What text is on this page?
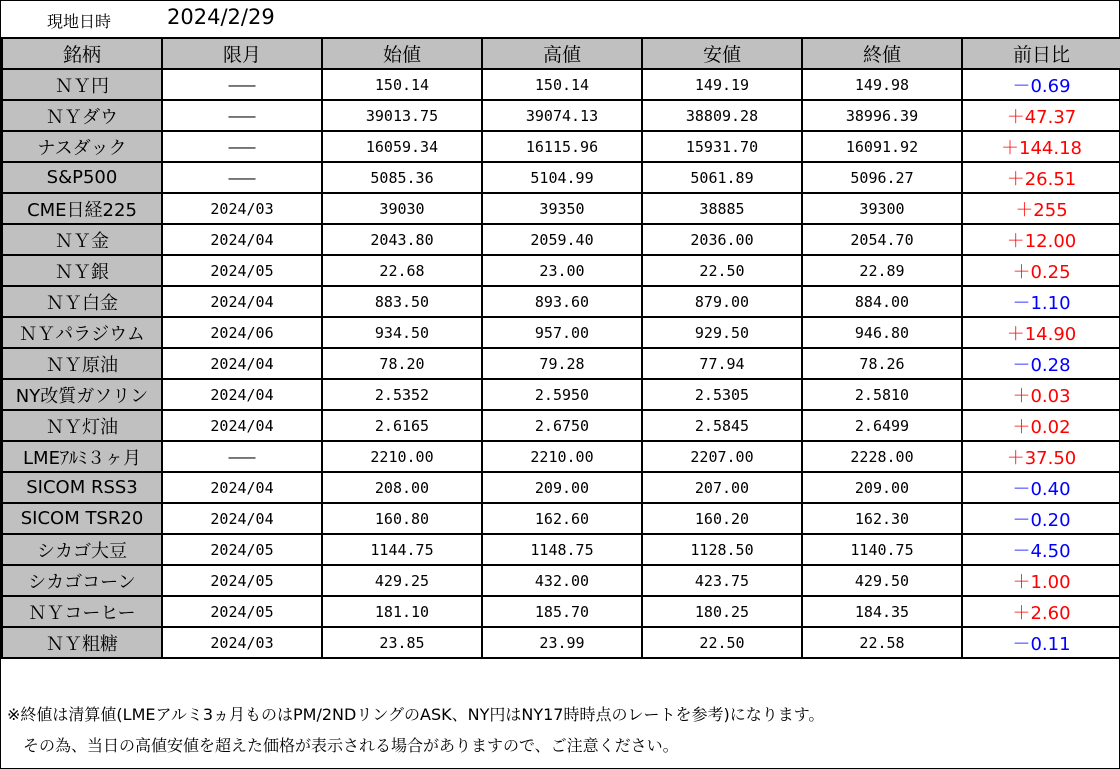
現地日時	2024/2/29
銘柄	限月	始値	高値	安値	終値	前日比
ＮＹ円	———	150.14	150.14	149.19	149.98	－0.69
ＮＹダウ	———	39013.75	39074.13	38809.28	38996.39	＋47.37
ナスダック	———	16059.34	16115.96	15931.70	16091.92	＋144.18
S&P500	———	5085.36	5104.99	5061.89	5096.27	＋26.51
CME日経225	2024/03	39030	39350	38885	39300	＋255
ＮＹ金	2024/04	2043.80	2059.40	2036.00	2054.70	＋12.00
ＮＹ銀	2024/05	22.68	23.00	22.50	22.89	＋0.25
ＮＹ白金	2024/04	883.50	893.60	879.00	884.00	－1.10
ＮＹパラジウム	2024/06	934.50	957.00	929.50	946.80	＋14.90
ＮＹ原油	2024/04	78.20	79.28	77.94	78.26	－0.28
NY改質ガソリン	2024/04	2.5352	2.5950	2.5305	2.5810	＋0.03
ＮＹ灯油	2024/04	2.6165	2.6750	2.5845	2.6499	＋0.02
LMEｱﾙﾐ３ヶ月	———	2210.00	2210.00	2207.00	2228.00	＋37.50
SICOM RSS3	2024/04	208.00	209.00	207.00	209.00	－0.40
SICOM TSR20	2024/04	160.80	162.60	160.20	162.30	－0.20
シカゴ大豆	2024/05	1144.75	1148.75	1128.50	1140.75	－4.50
シカゴコーン	2024/05	429.25	432.00	423.75	429.50	＋1.00
ＮＹコーヒー	2024/05	181.10	185.70	180.25	184.35	＋2.60
ＮＹ粗糖	2024/03	23.85	23.99	22.50	22.58	－0.11

※終値は清算値(LMEアルミ3ヵ月ものはPM/2NDリングのASK、NY円はNY17時時点のレートを参考)になります。

その為、当日の高値安値を超えた価格が表示される場合がありますので、ご注意ください。
